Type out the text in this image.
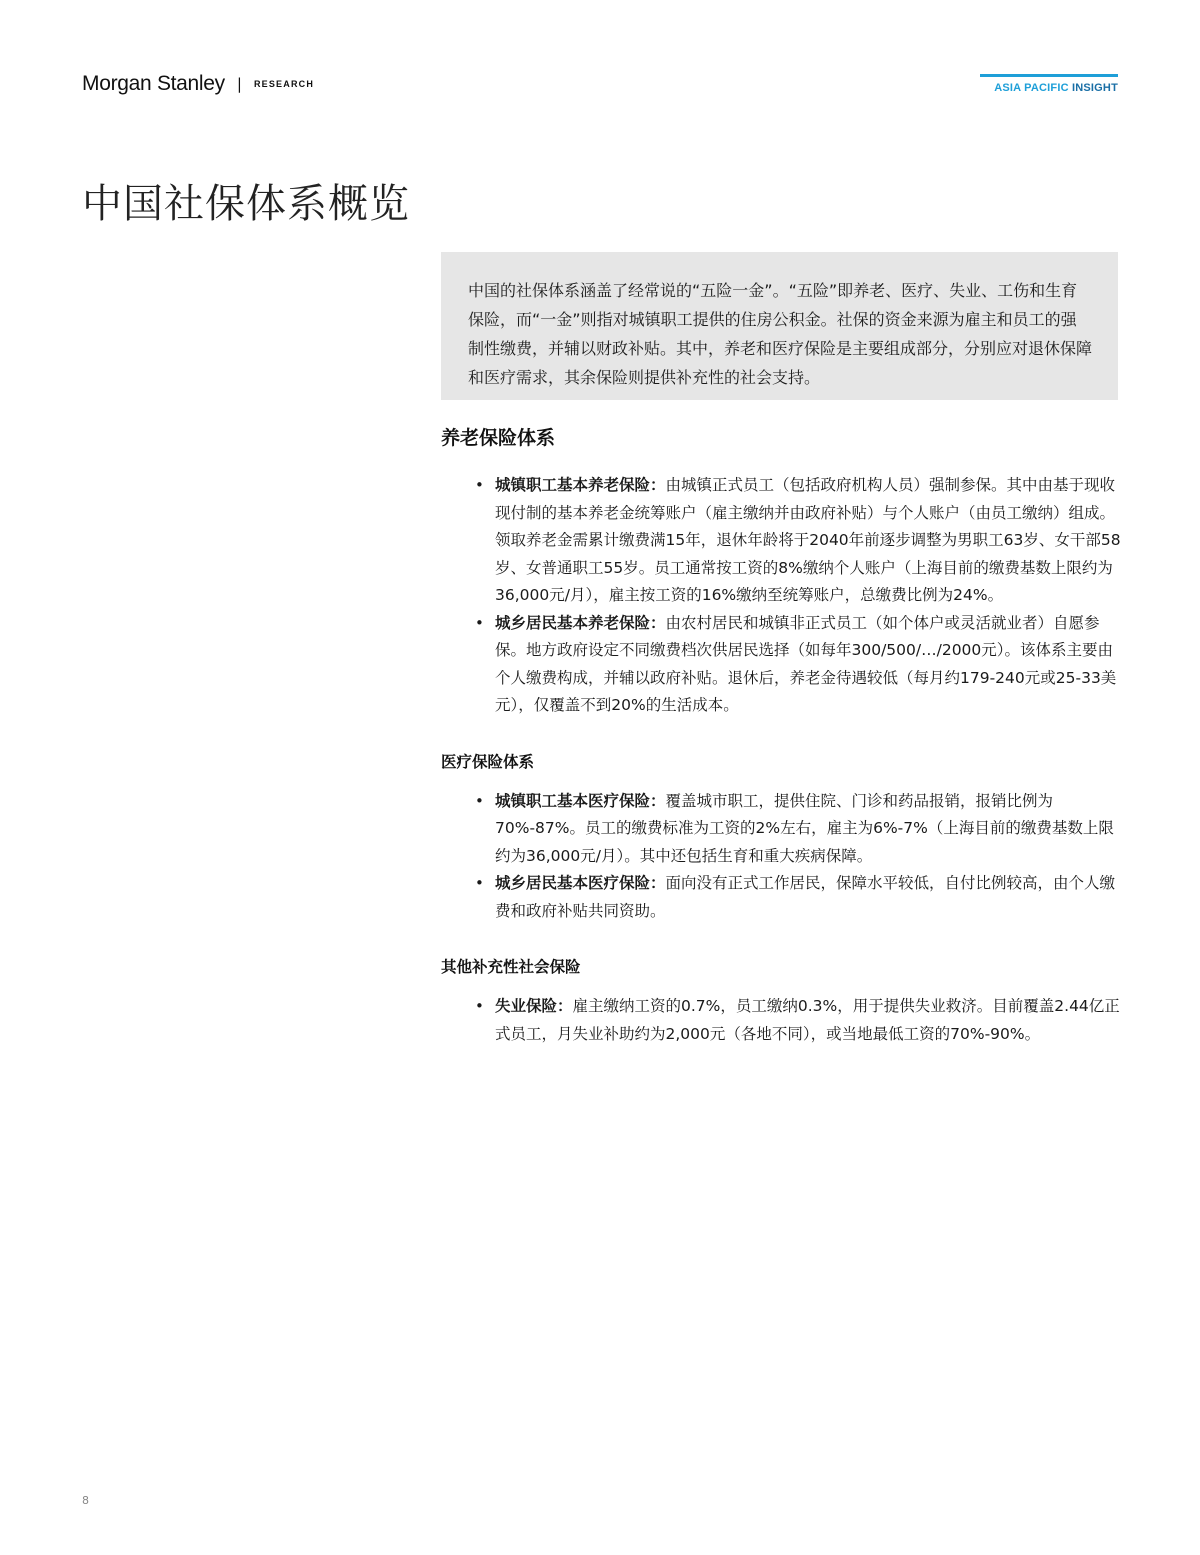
Morgan Stanley | RESEARCH	ASIA PACIFIC INSIGHT
中国社保体系概览

中国的社保体系涵盖了经常说的“五险一金”。“五险”即养老、医疗、失业、工伤和生育保险，而“一金”则指对城镇职工提供的住房公积金。社保的资金来源为雇主和员工的强制性缴费，并辅以财政补贴。其中，养老和医疗保险是主要组成部分，分别应对退休保障和医疗需求，其余保险则提供补充性的社会支持。

养老保险体系
• 城镇职工基本养老保险：由城镇正式员工（包括政府机构人员）强制参保。其中由基于现收现付制的基本养老金统筹账户（雇主缴纳并由政府补贴）与个人账户（由员工缴纳）组成。领取养老金需累计缴费满15年，退休年龄将于2040年前逐步调整为男职工63岁、女干部58岁、女普通职工55岁。员工通常按工资的8%缴纳个人账户（上海目前的缴费基数上限约为36,000元/月），雇主按工资的16%缴纳至统筹账户，总缴费比例为24%。
• 城乡居民基本养老保险：由农村居民和城镇非正式员工（如个体户或灵活就业者）自愿参保。地方政府设定不同缴费档次供居民选择（如每年300/500/…/2000元）。该体系主要由个人缴费构成，并辅以政府补贴。退休后，养老金待遇较低（每月约179-240元或25-33美元），仅覆盖不到20%的生活成本。
医疗保险体系
• 城镇职工基本医疗保险：覆盖城市职工，提供住院、门诊和药品报销，报销比例为70%-87%。员工的缴费标准为工资的2%左右，雇主为6%-7%（上海目前的缴费基数上限约为36,000元/月）。其中还包括生育和重大疾病保障。
• 城乡居民基本医疗保险：面向没有正式工作居民，保障水平较低，自付比例较高，由个人缴费和政府补贴共同资助。
其他补充性社会保险
• 失业保险：雇主缴纳工资的0.7%，员工缴纳0.3%，用于提供失业救济。目前覆盖2.44亿正式员工，月失业补助约为2,000元（各地不同），或当地最低工资的70%-90%。
8
